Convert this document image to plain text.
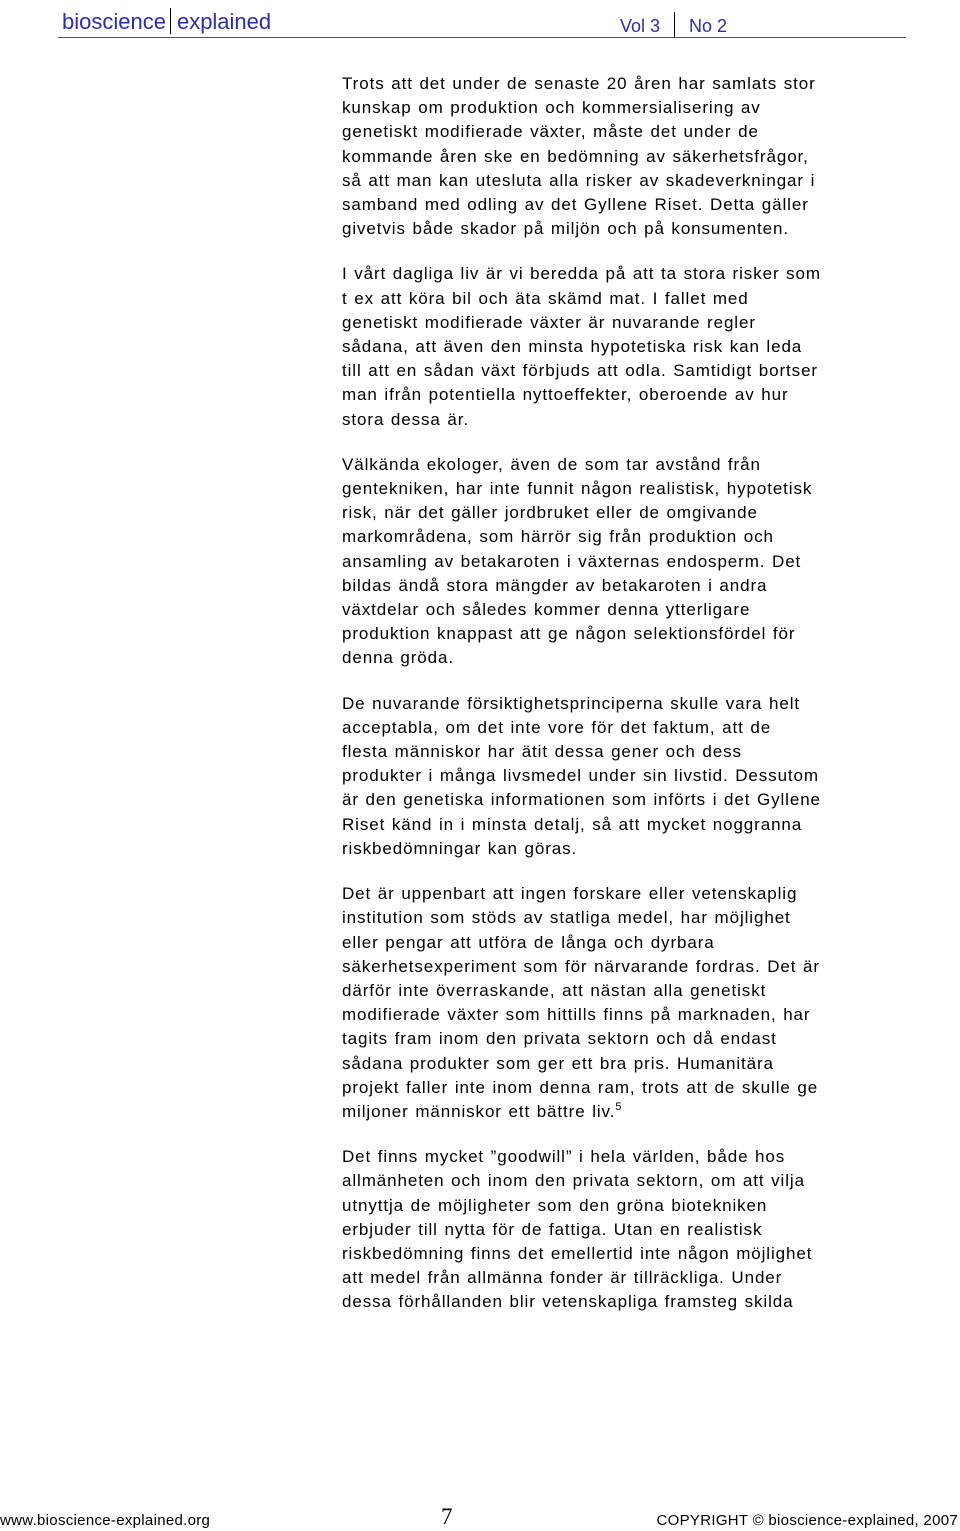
bioscience explained	Vol 3 No 2

Trots att det under de senaste 20 åren har samlats stor kunskap om produktion och kommersialisering av genetiskt modifierade växter, måste det under de kommande åren ske en bedömning av säkerhetsfrågor, så att man kan utesluta alla risker av skadeverkningar i samband med odling av det Gyllene Riset. Detta gäller givetvis både skador på miljön och på konsumenten.

I vårt dagliga liv är vi beredda på att ta stora risker som t ex att köra bil och äta skämd mat. I fallet med genetiskt modifierade växter är nuvarande regler sådana, att även den minsta hypotetiska risk kan leda till att en sådan växt förbjuds att odla. Samtidigt bortser man ifrån potentiella nyttoeffekter, oberoende av hur stora dessa är.

Välkända ekologer, även de som tar avstånd från gentekniken, har inte funnit någon realistisk, hypotetisk risk, när det gäller jordbruket eller de omgivande markområdena, som härrör sig från produktion och ansamling av betakaroten i växternas endosperm. Det bildas ändå stora mängder av betakaroten i andra växtdelar och således kommer denna ytterligare produktion knappast att ge någon selektionsfördel för denna gröda.

De nuvarande försiktighetsprinciperna skulle vara helt acceptabla, om det inte vore för det faktum, att de flesta människor har ätit dessa gener och dess produkter i många livsmedel under sin livstid. Dessutom är den genetiska informationen som införts i det Gyllene Riset känd in i minsta detalj, så att mycket noggranna riskbedömningar kan göras.

Det är uppenbart att ingen forskare eller vetenskaplig institution som stöds av statliga medel, har möjlighet eller pengar att utföra de långa och dyrbara säkerhetsexperiment som för närvarande fordras. Det är därför inte överraskande, att nästan alla genetiskt modifierade växter som hittills finns på marknaden, har tagits fram inom den privata sektorn och då endast sådana produkter som ger ett bra pris. Humanitära projekt faller inte inom denna ram, trots att de skulle ge miljoner människor ett bättre liv.$^5$

Det finns mycket ”goodwill” i hela världen, både hos allmänheten och inom den privata sektorn, om att vilja utnyttja de möjligheter som den gröna biotekniken erbjuder till nytta för de fattiga. Utan en realistisk riskbedömning finns det emellertid inte någon möjlighet att medel från allmänna fonder är tillräckliga. Under dessa förhållanden blir vetenskapliga framsteg skilda

www.bioscience-explained.org	7	COPYRIGHT © bioscience-explained, 2007
